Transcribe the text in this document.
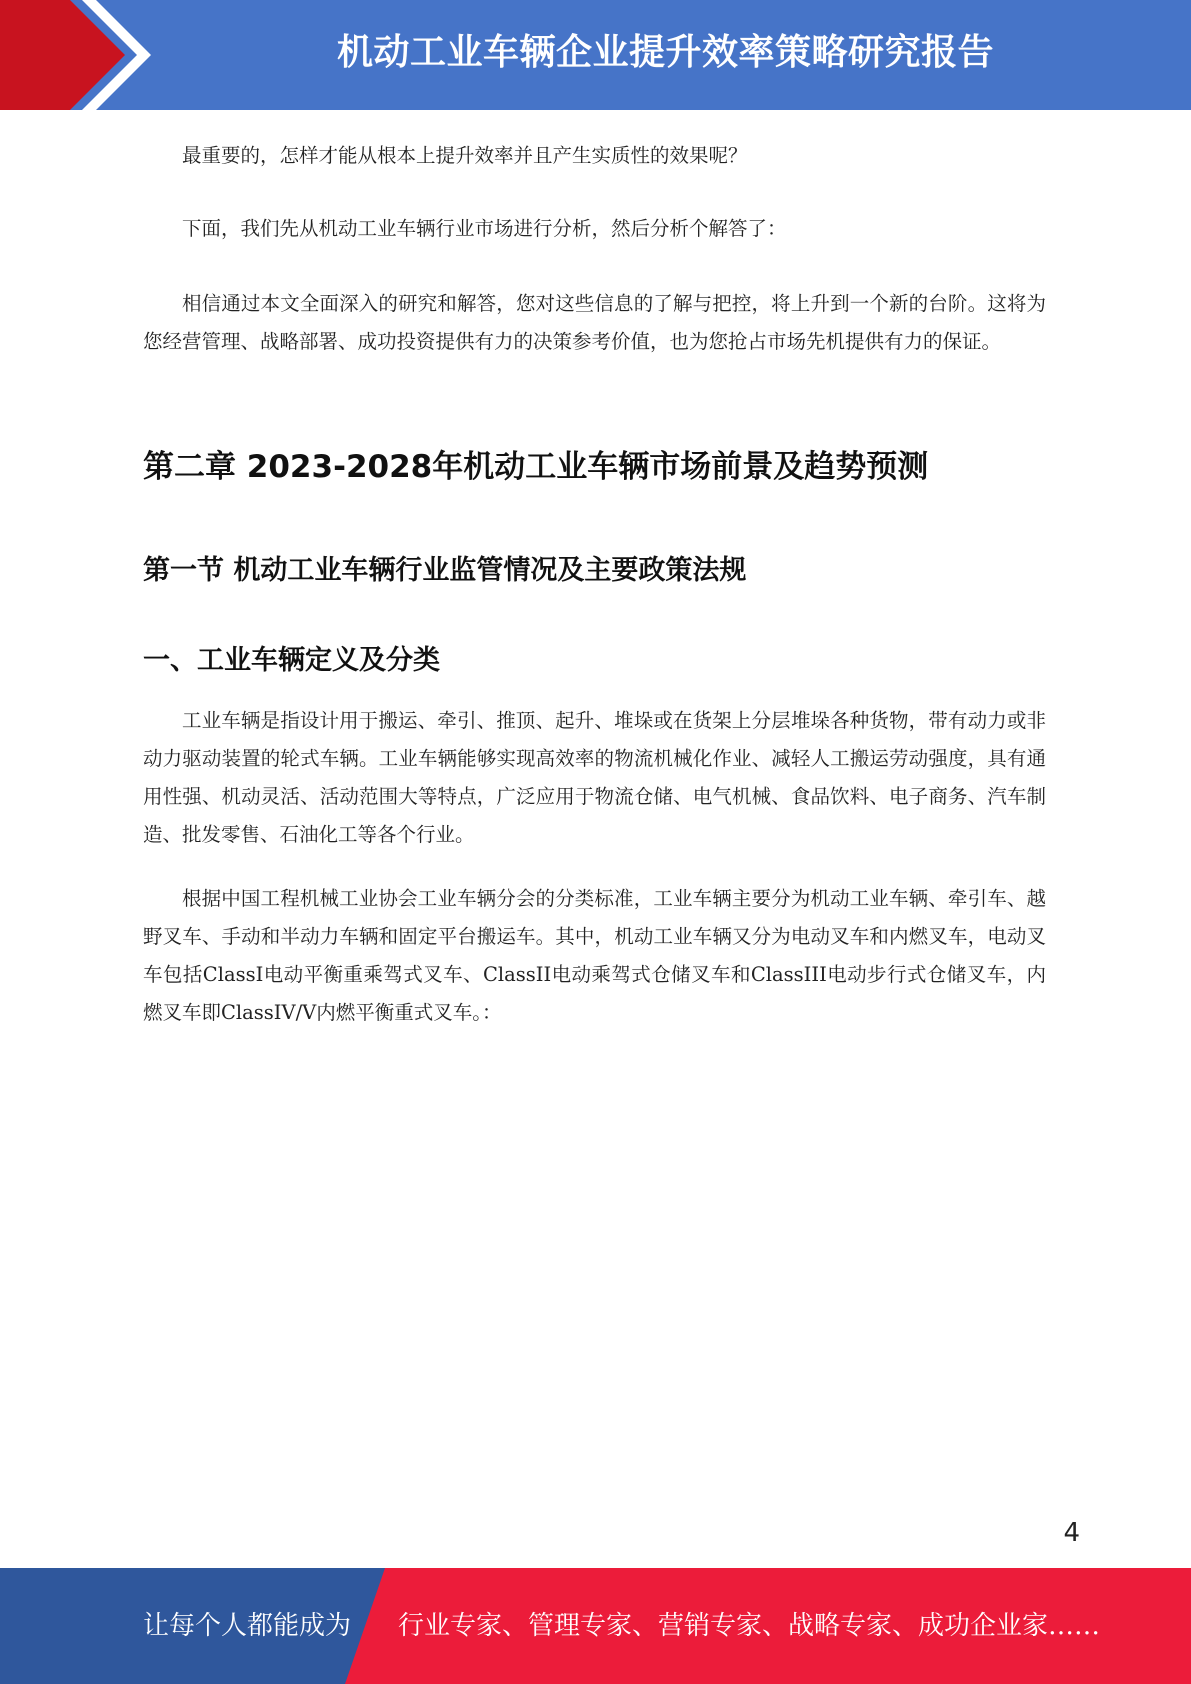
机动工业车辆企业提升效率策略研究报告

最重要的，怎样才能从根本上提升效率并且产生实质性的效果呢？

下面，我们先从机动工业车辆行业市场进行分析，然后分析个解答了：

相信通过本文全面深入的研究和解答，您对这些信息的了解与把控，将上升到一个新的台阶。这将为您经营管理、战略部署、成功投资提供有力的决策参考价值，也为您抢占市场先机提供有力的保证。

第二章 2023-2028年机动工业车辆市场前景及趋势预测
第一节 机动工业车辆行业监管情况及主要政策法规
一、工业车辆定义及分类

工业车辆是指设计用于搬运、牵引、推顶、起升、堆垛或在货架上分层堆垛各种货物，带有动力或非动力驱动装置的轮式车辆。工业车辆能够实现高效率的物流机械化作业、减轻人工搬运劳动强度，具有通用性强、机动灵活、活动范围大等特点，广泛应用于物流仓储、电气机械、食品饮料、电子商务、汽车制造、批发零售、石油化工等各个行业。

根据中国工程机械工业协会工业车辆分会的分类标准，工业车辆主要分为机动工业车辆、牵引车、越野叉车、手动和半动力车辆和固定平台搬运车。其中，机动工业车辆又分为电动叉车和内燃叉车，电动叉车包括ClassI电动平衡重乘驾式叉车、ClassII电动乘驾式仓储叉车和ClassIII电动步行式仓储叉车，内燃叉车即ClassIV/V内燃平衡重式叉车。：

4
让每个人都能成为 行业专家、管理专家、营销专家、战略专家、成功企业家……
